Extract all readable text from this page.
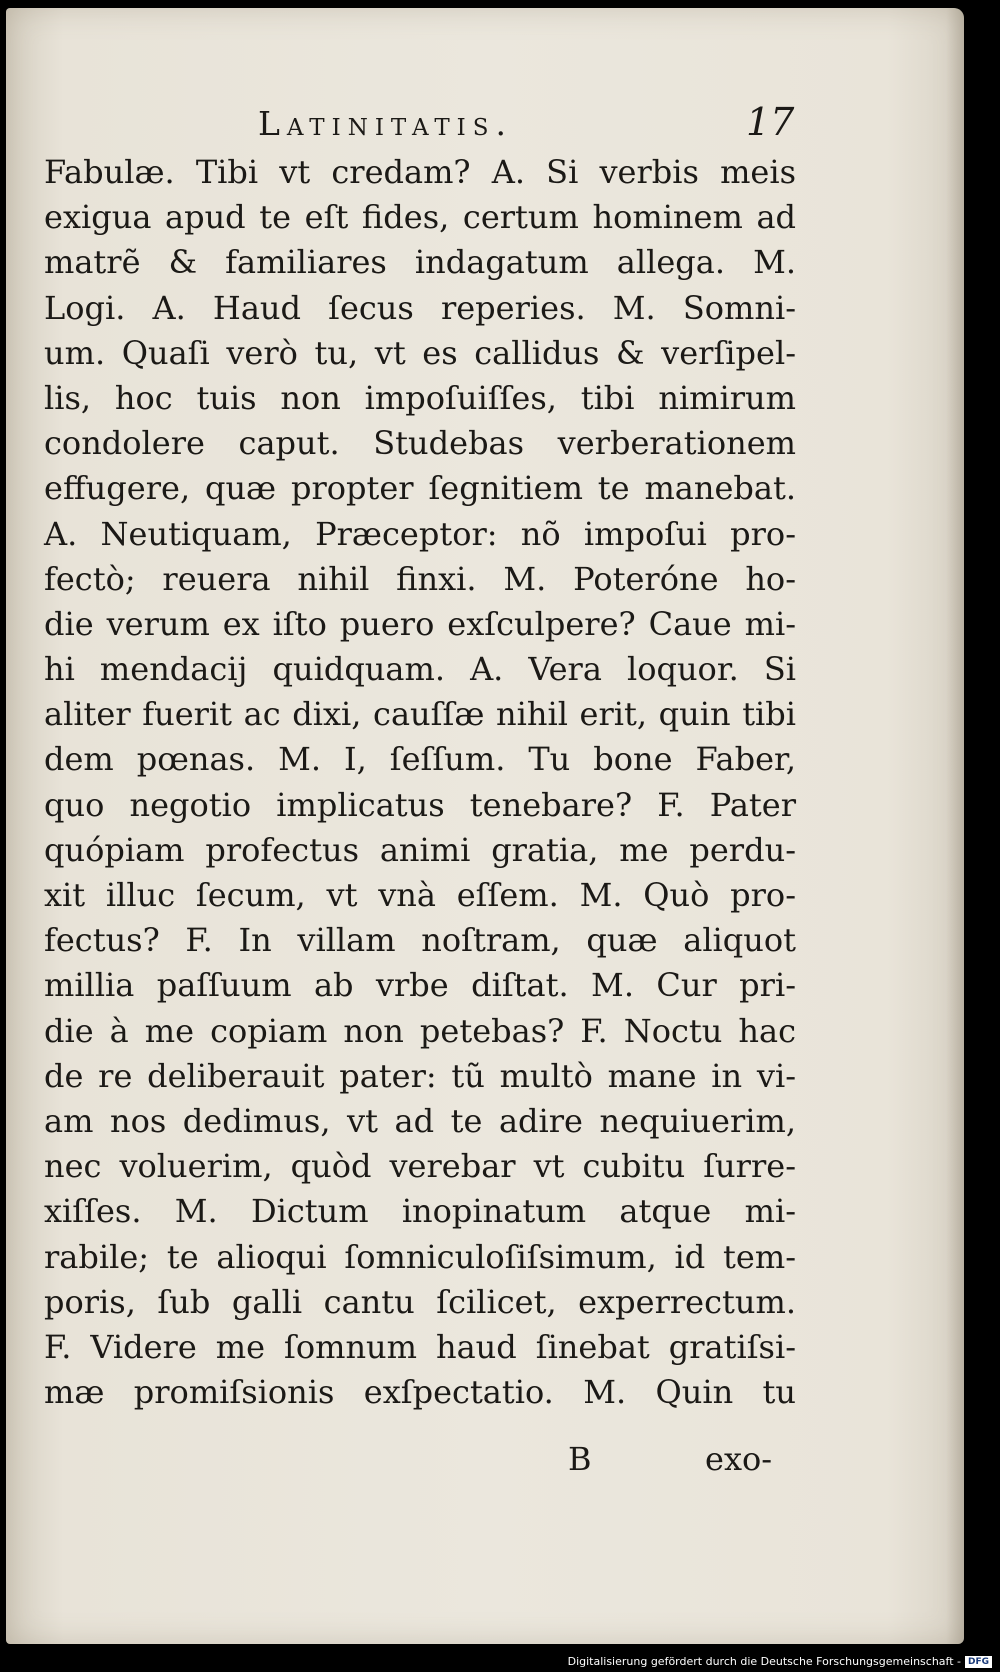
Latinitatis.	17
Fabulæ. Tibi vt credam? A. Si verbis meis
exigua apud te eſt fides, certum hominem ad
matrẽ & familiares indagatum allega. M.
Logi. A. Haud ſecus reperies. M. Somni-
um. Quaſi verò tu, vt es callidus & verſipel-
lis, hoc tuis non impoſuiſſes, tibi nimirum
condolere caput. Studebas verberationem
effugere, quæ propter ſegnitiem te manebat.
A. Neutiquam, Præceptor: nõ impoſui pro-
fectò; reuera nihil finxi. M. Poteróne ho-
die verum ex iſto puero exſculpere? Caue mi-
hi mendacij quidquam. A. Vera loquor. Si
aliter fuerit ac dixi, cauſſæ nihil erit, quin tibi
dem pœnas. M. I, ſeſſum. Tu bone Faber,
quo negotio implicatus tenebare? F. Pater
quópiam profectus animi gratia, me perdu-
xit illuc ſecum, vt vnà eſſem. M. Quò pro-
fectus? F. In villam noſtram, quæ aliquot
millia paſſuum ab vrbe diſtat. M. Cur pri-
die à me copiam non petebas? F. Noctu hac
de re deliberauit pater: tũ multò mane in vi-
am nos dedimus, vt ad te adire nequiuerim,
nec voluerim, quòd verebar vt cubitu ſurre-
xiſſes. M. Dictum inopinatum atque mi-
rabile; te alioqui ſomniculoſiſsimum, id tem-
poris, ſub galli cantu ſcilicet, experrectum.
F. Videre me ſomnum haud ſinebat gratiſsi-
mæ promiſsionis exſpectatio. M. Quin tu
B	exo-
Digitalisierung gefördert durch die Deutsche Forschungsgemeinschaft - DFG
